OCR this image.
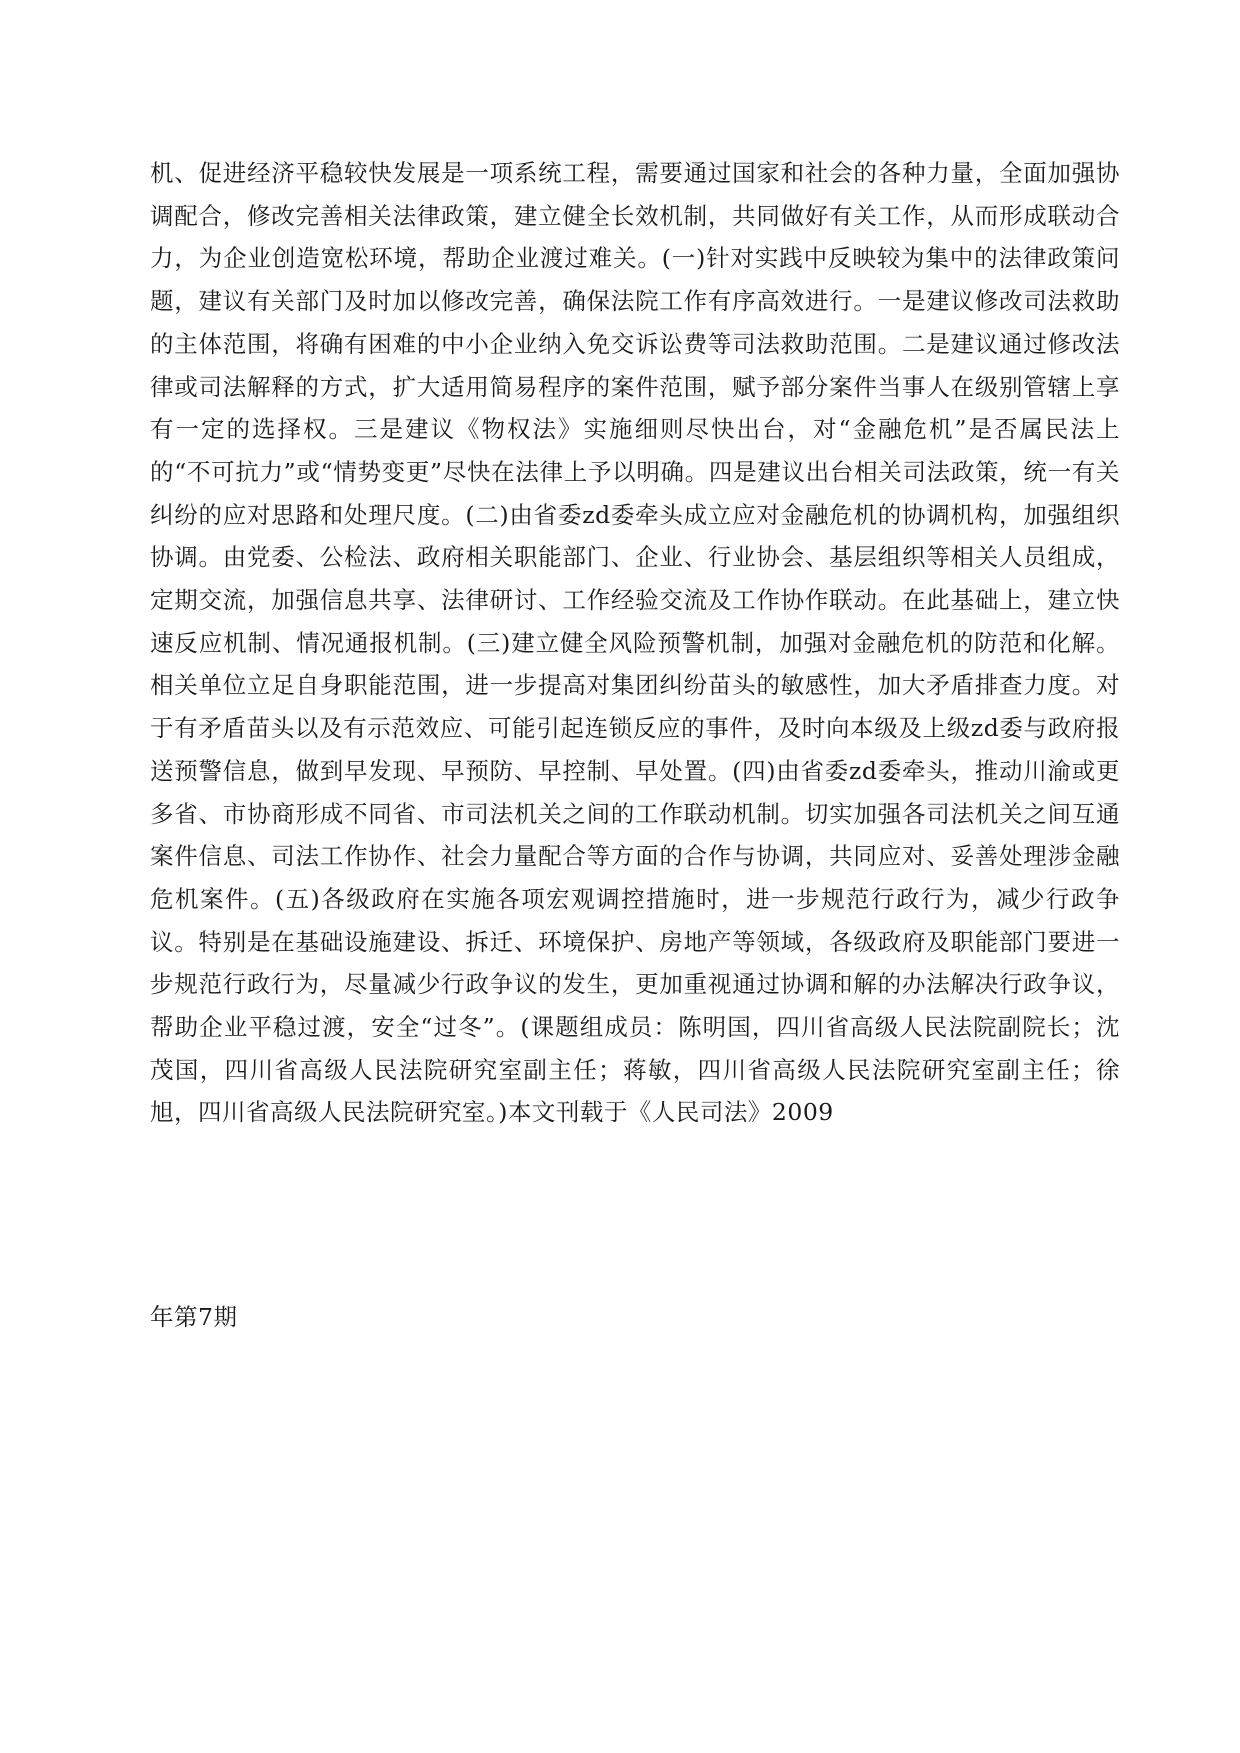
机、促进经济平稳较快发展是一项系统工程，需要通过国家和社会的各种力量，全面加强协调配合，修改完善相关法律政策，建立健全长效机制，共同做好有关工作，从而形成联动合力，为企业创造宽松环境，帮助企业渡过难关。(一)针对实践中反映较为集中的法律政策问题，建议有关部门及时加以修改完善，确保法院工作有序高效进行。一是建议修改司法救助的主体范围，将确有困难的中小企业纳入免交诉讼费等司法救助范围。二是建议通过修改法律或司法解释的方式，扩大适用简易程序的案件范围，赋予部分案件当事人在级别管辖上享有一定的选择权。三是建议《物权法》实施细则尽快出台，对“金融危机”是否属民法上的“不可抗力”或“情势变更”尽快在法律上予以明确。四是建议出台相关司法政策，统一有关纠纷的应对思路和处理尺度。(二)由省委zd委牵头成立应对金融危机的协调机构，加强组织协调。由党委、公检法、政府相关职能部门、企业、行业协会、基层组织等相关人员组成，定期交流，加强信息共享、法律研讨、工作经验交流及工作协作联动。在此基础上，建立快速反应机制、情况通报机制。(三)建立健全风险预警机制，加强对金融危机的防范和化解。相关单位立足自身职能范围，进一步提高对集团纠纷苗头的敏感性，加大矛盾排查力度。对于有矛盾苗头以及有示范效应、可能引起连锁反应的事件，及时向本级及上级zd委与政府报送预警信息，做到早发现、早预防、早控制、早处置。(四)由省委zd委牵头，推动川渝或更多省、市协商形成不同省、市司法机关之间的工作联动机制。切实加强各司法机关之间互通案件信息、司法工作协作、社会力量配合等方面的合作与协调，共同应对、妥善处理涉金融危机案件。(五)各级政府在实施各项宏观调控措施时，进一步规范行政行为，减少行政争议。特别是在基础设施建设、拆迁、环境保护、房地产等领域，各级政府及职能部门要进一步规范行政行为，尽量减少行政争议的发生，更加重视通过协调和解的办法解决行政争议，帮助企业平稳过渡，安全“过冬”。(课题组成员：陈明国，四川省高级人民法院副院长；沈茂国，四川省高级人民法院研究室副主任；蒋敏，四川省高级人民法院研究室副主任；徐旭，四川省高级人民法院研究室。)本文刊载于《人民司法》2009

年第7期
